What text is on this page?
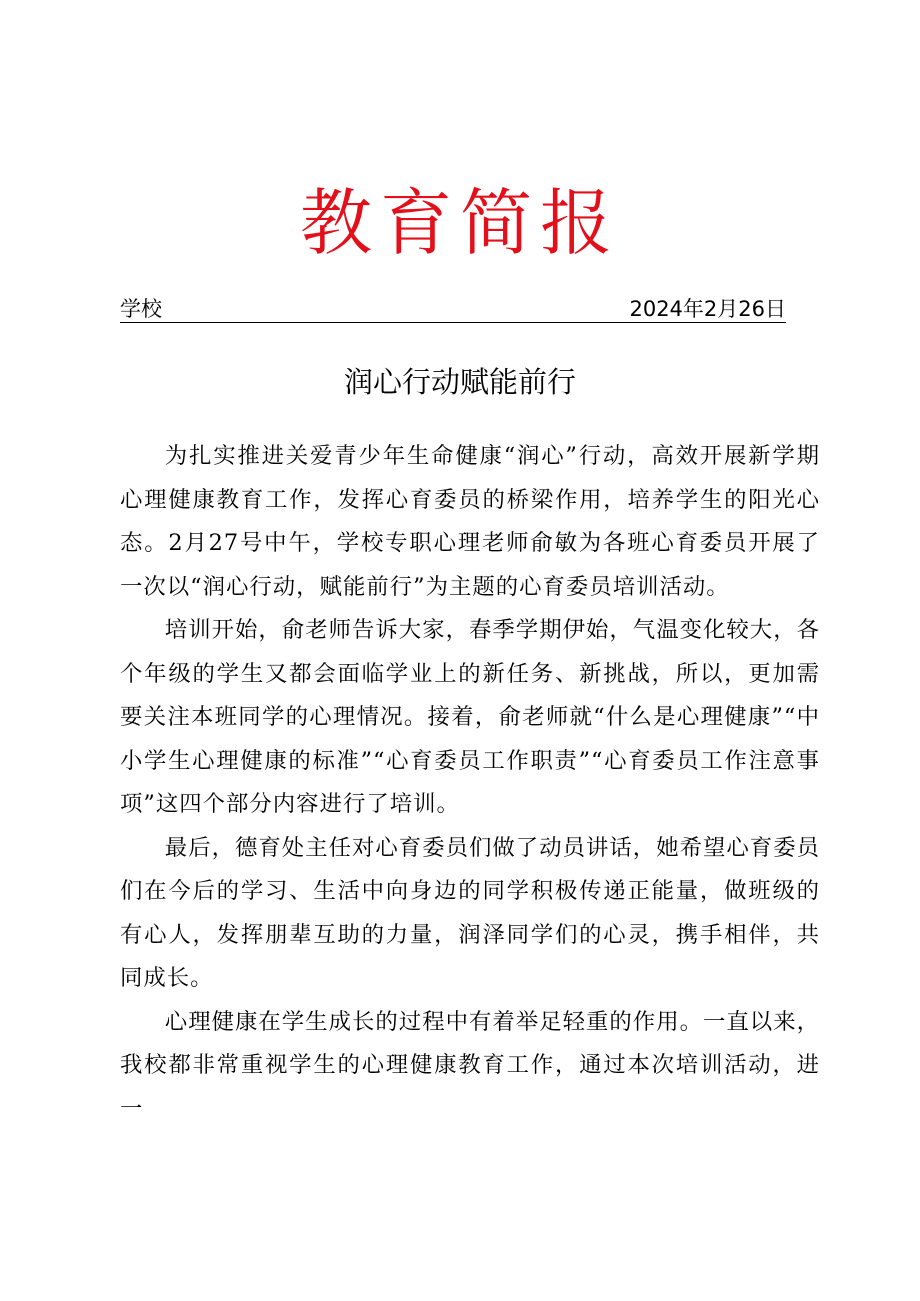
教育简报
学校	2024年2月26日
润心行动赋能前行

为扎实推进关爱青少年生命健康“润心”行动，高效开展新学期心理健康教育工作，发挥心育委员的桥梁作用，培养学生的阳光心态。2月27号中午，学校专职心理老师俞敏为各班心育委员开展了一次以“润心行动，赋能前行”为主题的心育委员培训活动。

培训开始，俞老师告诉大家，春季学期伊始，气温变化较大，各个年级的学生又都会面临学业上的新任务、新挑战，所以，更加需要关注本班同学的心理情况。接着，俞老师就“什么是心理健康”“中小学生心理健康的标准”“心育委员工作职责”“心育委员工作注意事项”这四个部分内容进行了培训。

最后，德育处主任对心育委员们做了动员讲话，她希望心育委员们在今后的学习、生活中向身边的同学积极传递正能量，做班级的有心人，发挥朋辈互助的力量，润泽同学们的心灵，携手相伴，共同成长。

心理健康在学生成长的过程中有着举足轻重的作用。一直以来，我校都非常重视学生的心理健康教育工作，通过本次培训活动，进一
